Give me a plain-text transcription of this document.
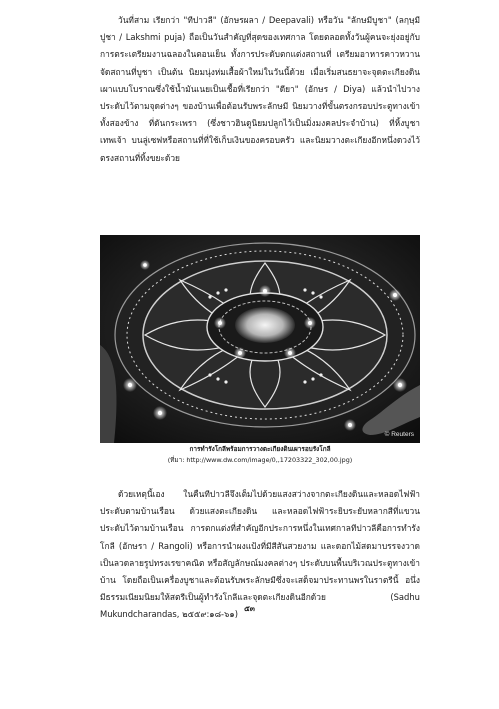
วันที่สาม เรียกว่า "ทีปาวลี" (อักษรผลา / Deepavali) หรือวัน "ลักษมีบูชา" (ลกฺษฺมี ปูชา / Lakshmi puja) ถือเป็นวันสำคัญที่สุดของเทศกาล โดยตลอดทั้งวันผู้คนจะยุ่งอยู่กับการตระเตรียมงานฉลองในตอนเย็น ทั้งการประดับตกแต่งสถานที่ เตรียมอาหารคาวหวาน จัดสถานที่บูชา เป็นต้น นิยมนุ่งห่มเสื้อผ้าใหม่ในวันนี้ด้วย เมื่อเริ่มสนธยาจะจุดตะเกียงดินเผาแบบโบราณซึ่งใช้น้ำมันเนยเป็นเชื้อที่เรียกว่า "ดียา" (อักษร / Diya) แล้วนำไปวางประดับไว้ตามจุดต่างๆ ของบ้านเพื่อต้อนรับพระลักษมี นิยมวางที่ขั้นตรงกรอบประตูทางเข้าทั้งสองข้าง ที่ดันกระเพรา (ซึ่งชาวฮินดูนิยมปลูกไว้เป็นมิ่งมงคลประจำบ้าน) ที่หิ้งบูชาเทพเจ้า บนลู่เซฟหรือสถานที่ที่ใช้เก็บเงินของครอบครัว และนิยมวางตะเกียงอีกหนึ่งดวงไว้ตรงสถานที่ทิ้งขยะด้วย

© Reuters

การทำรังโกลีพร้อมการวางตะเกียงดินเผารอบรังโกลี

(ที่มา: http://www.dw.com/image/0,,17203322_302,00.jpg)

ด้วยเหตุนี้เอง ในคืนทีปาวลีจึงเต็มไปด้วยแสงสว่างจากตะเกียงดินและหลอดไฟฟ้าประดับตามบ้านเรือน ด้วยแสงตะเกียงดิน และหลอดไฟฟ้าระยิบระยับหลากสีที่แขวนประดับไว้ตามบ้านเรือน การตกแต่งที่สำคัญอีกประการหนึ่งในเทศกาลทีปาวลีคือการทำรังโกลี (อักษรา / Rangoli) หรือการนำผงแป้งที่มีสีสันสวยงาม และดอกไม้สดมาบรรจงวาดเป็นลวดลายรูปทรงเรขาคณิต หรือสัญลักษณ์มงคลต่างๆ ประดับบนพื้นบริเวณประตูทางเข้าบ้าน โดยถือเป็นเครื่องบูชาและต้อนรับพระลักษมีซึ่งจะเสด็จมาประทานพรในราตรีนี้ อนึ่ง มีธรรมเนียมนิยมให้สตรีเป็นผู้ทำรังโกลีและจุดตะเกียงดินอีกด้วย (Sadhu Mukundcharandas, ๒๕๕๙:๑๘-๖๑)

๕๓
